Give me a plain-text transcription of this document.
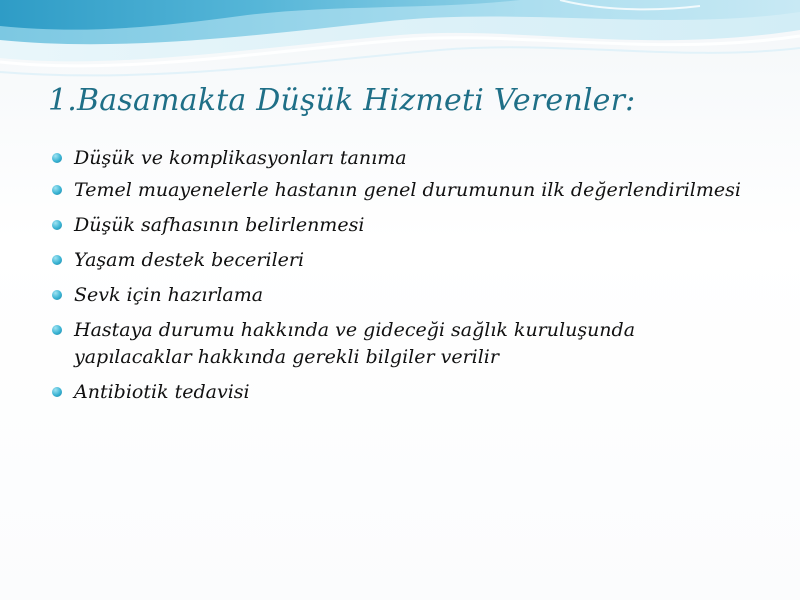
1.Basamakta Düşük Hizmeti Verenler:
Düşük ve komplikasyonları tanıma
Temel muayenelerle hastanın genel durumunun ilk değerlendirilmesi
Düşük safhasının belirlenmesi
Yaşam destek becerileri
Sevk için hazırlama
Hastaya durumu hakkında ve gideceği sağlık kuruluşunda yapılacaklar hakkında gerekli bilgiler verilir
Antibiotik tedavisi
